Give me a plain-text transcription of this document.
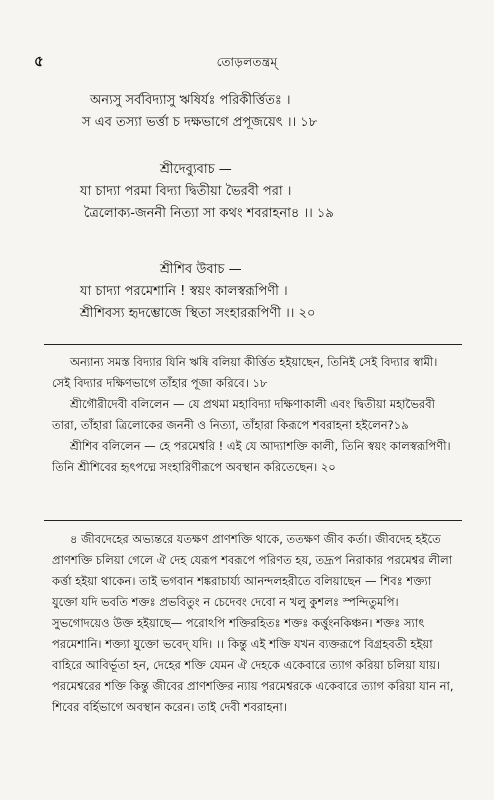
৫	তোড়লতন্ত্রম্
অন্যসু সর্ববিদ্যাসু ঋষির্যঃ পরিকীর্ত্তিতঃ ।
স এব তস্যা ভর্ত্তা চ দক্ষভাগে প্রপূজয়েৎ ।। ১৮
শ্রীদেব্যুবাচ —
যা চাদ্যা পরমা বিদ্যা দ্বিতীয়া ভৈরবী পরা ।
ত্রৈলোক্য-জননী নিত্যা সা কথং শবরাহনা৪ ।। ১৯
শ্রীশিব উবাচ —
যা চাদ্যা পরমেশানি ! স্বয়ং কালস্বরূপিণী ।
শ্রীশিবস্য হৃদম্ভোজে স্থিতা সংহাররূপিণী ।। ২০

অন্যান্য সমস্ত বিদ্যার যিনি ঋষি বলিয়া কীর্ত্তিত হইয়াছেন, তিনিই সেই বিদ্যার স্বামী। সেই বিদ্যার দক্ষিণভাগে তাঁহার পূজা করিবে। ১৮

শ্রীগৌরীদেবী বলিলেন — যে প্রথমা মহাবিদ্যা দক্ষিণাকালী এবং দ্বিতীয়া মহাভৈরবী তারা, তাঁহারা ত্রিলোকের জননী ও নিত্যা, তাঁহারা কিরূপে শবরাহনা হইলেন?১৯

শ্রীশিব বলিলেন — হে পরমেশ্বরি ! এই যে আদ্যাশক্তি কালী, তিনি স্বয়ং কালস্বরূপিণী। তিনি শ্রীশিবের হৃৎপদ্মে সংহারিণীরূপে অবস্থান করিতেছেন। ২০

৪ জীবদেহের অভ্যন্তরে যতক্ষণ প্রাণশক্তি থাকে, ততক্ষণ জীব কর্তা। জীবদেহ হইতে প্রাণশক্তি চলিয়া গেলে ঐ দেহ যেরূপ শবরূপে পরিণত হয়, তদ্রূপ নিরাকার পরমেশ্বর লীলা কর্ত্তা হইয়া থাকেন। তাই ভগবান শঙ্করাচার্য্য আনন্দলহরীতে বলিয়াছেন — শিবঃ শক্ত্যা যুক্তো যদি ভবতি শক্তঃ প্রভবিতুং ন চেদেবং দেবো ন খলু কুশলঃ স্পন্দিতুমপি। সুভগোদয়েও উক্ত হইয়াছে— পরোঽপি শক্তিরহিতঃ শক্তঃ কর্ত্তুংনকিঞ্চন। শক্তঃ স্যাৎ পরমেশানি। শক্ত্যা যুক্তো ভবেদ্ যদি। ।। কিন্তু এই শক্তি যখন ব্যক্তরূপে বিগ্রহবতী হইয়া বাহিরে আবির্ভূতা হন, দেহের শক্তি যেমন ঐ দেহকে একেবারে ত্যাগ করিয়া চলিয়া যায়। পরমেশ্বরের শক্তি কিন্তু জীবের প্রাণশক্তির ন্যায় পরমেশ্বরকে একেবারে ত্যাগ করিয়া যান না, শিবের বর্হিভাগে অবস্থান করেন। তাই দেবী শবরাহনা।
